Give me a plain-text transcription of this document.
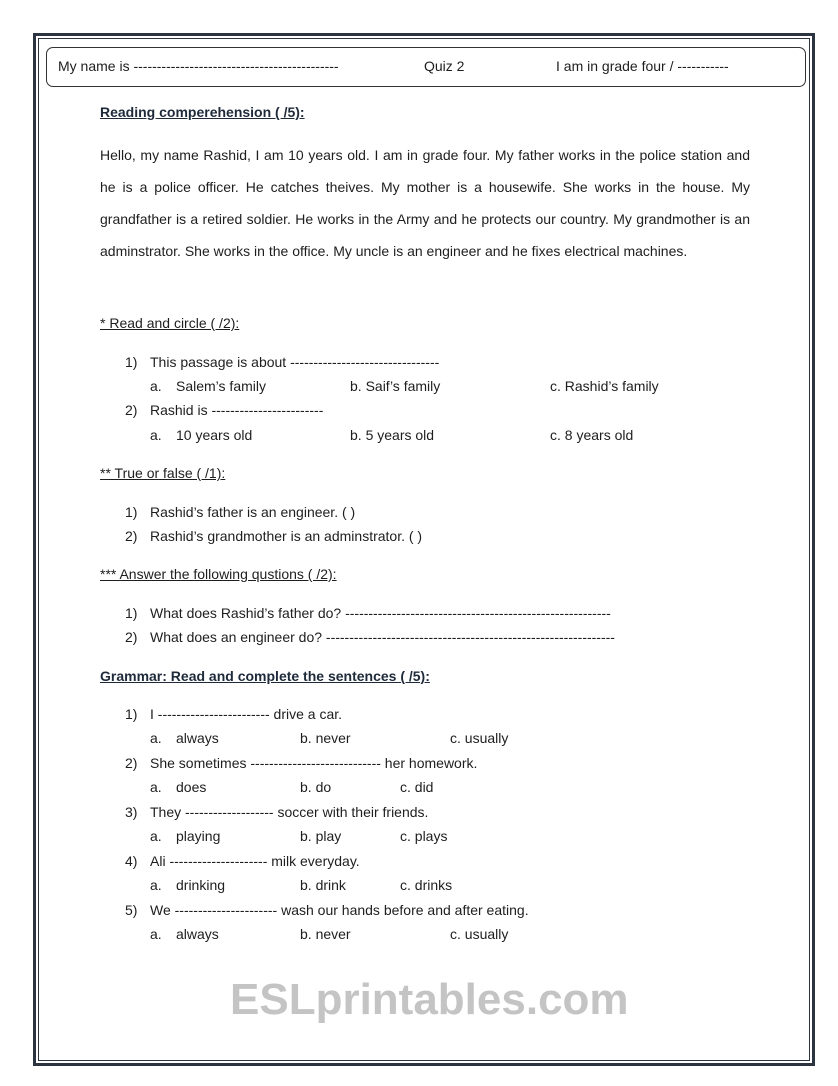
My name is --------------------------------------------	Quiz 2	I am in grade four / -----------
Reading comperehension ( /5):
Hello, my name Rashid, I am 10 years old. I am in grade four. My father works in the police station and he is a police officer. He catches theives. My mother is a housewife. She works in the house. My grandfather is a retired soldier. He works in the Army and he protects our country. My grandmother is an adminstrator. She works in the office. My uncle is an engineer and he fixes electrical machines.
* Read and circle ( /2):
** True or false ( /1):
*** Answer the following qustions ( /2):
Grammar: Read and complete the sentences ( /5):
1) This passage is about --------------------------------
a. Salem’s family	b. Saif’s family	c. Rashid’s family
2) Rashid is ------------------------
a. 10 years old	b. 5 years old	c. 8 years old
1) Rashid’s father is an engineer. ( )
2) Rashid’s grandmother is an adminstrator. ( )
1) What does Rashid’s father do? ---------------------------------------------------------
2) What does an engineer do? --------------------------------------------------------------
1) I ------------------------ drive a car.
a. always	b. never	c. usually
2) She sometimes ---------------------------- her homework.
a. does	b. do	c. did
3) They ------------------- soccer with their friends.
a. playing	b. play	c. plays
4) Ali --------------------- milk everyday.
a. drinking	b. drink	c. drinks
5) We ---------------------- wash our hands before and after eating.
a. always	b. never	c. usually
ESLprintables.com
